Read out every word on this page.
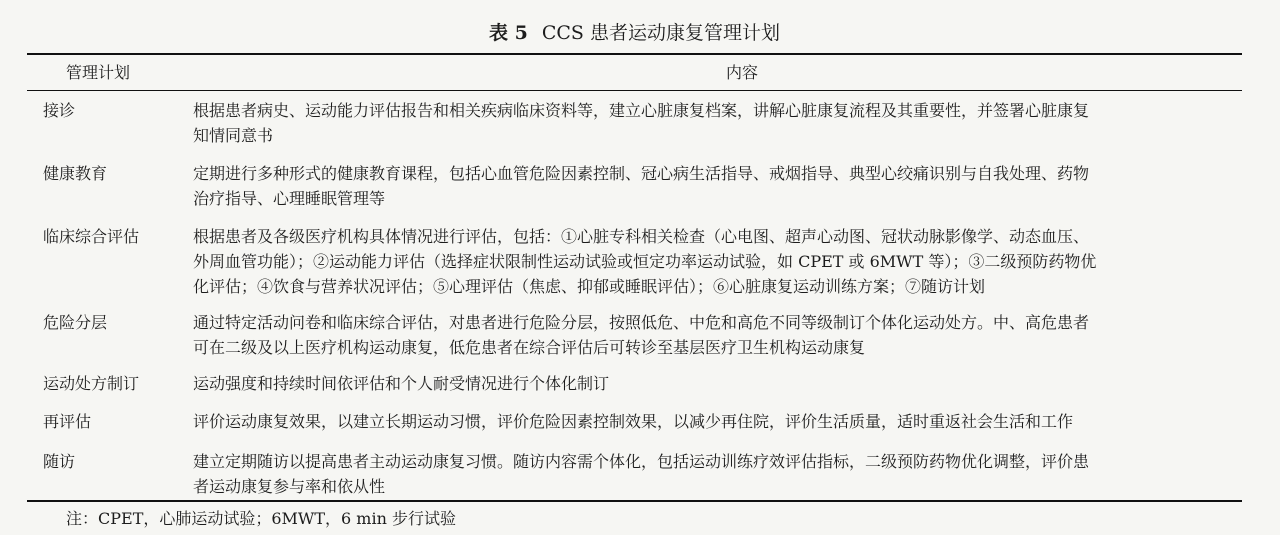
表 5 CCS 患者运动康复管理计划
管理计划	内容
接诊	根据患者病史、运动能力评估报告和相关疾病临床资料等，建立心脏康复档案，讲解心脏康复流程及其重要性，并签署心脏康复
知情同意书
健康教育	定期进行多种形式的健康教育课程，包括心血管危险因素控制、冠心病生活指导、戒烟指导、典型心绞痛识别与自我处理、药物
治疗指导、心理睡眠管理等
临床综合评估	根据患者及各级医疗机构具体情况进行评估，包括：①心脏专科相关检查（心电图、超声心动图、冠状动脉影像学、动态血压、
外周血管功能）；②运动能力评估（选择症状限制性运动试验或恒定功率运动试验，如 CPET 或 6MWT 等）；③二级预防药物优
化评估；④饮食与营养状况评估；⑤心理评估（焦虑、抑郁或睡眠评估）；⑥心脏康复运动训练方案；⑦随访计划
危险分层	通过特定活动问卷和临床综合评估，对患者进行危险分层，按照低危、中危和高危不同等级制订个体化运动处方。中、高危患者
可在二级及以上医疗机构运动康复，低危患者在综合评估后可转诊至基层医疗卫生机构运动康复
运动处方制订	运动强度和持续时间依评估和个人耐受情况进行个体化制订
再评估	评价运动康复效果，以建立长期运动习惯，评价危险因素控制效果，以减少再住院，评价生活质量，适时重返社会生活和工作
随访	建立定期随访以提高患者主动运动康复习惯。随访内容需个体化，包括运动训练疗效评估指标，二级预防药物优化调整，评价患
者运动康复参与率和依从性
注：CPET，心肺运动试验；6MWT，6 min 步行试验
